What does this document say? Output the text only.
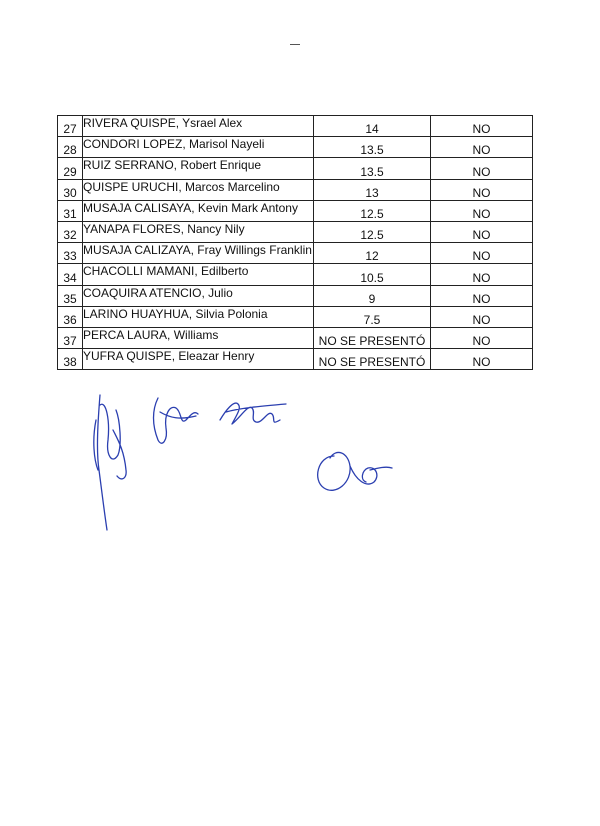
27	RIVERA QUISPE, Ysrael Alex	14	NO
28	CONDORI LOPEZ, Marisol Nayeli	13.5	NO
29	RUIZ SERRANO, Robert Enrique	13.5	NO
30	QUISPE URUCHI, Marcos Marcelino	13	NO
31	MUSAJA CALISAYA, Kevin Mark Antony	12.5	NO
32	YANAPA FLORES, Nancy Nily	12.5	NO
33	MUSAJA CALIZAYA, Fray Willings Franklin	12	NO
34	CHACOLLI MAMANI, Edilberto	10.5	NO
35	COAQUIRA ATENCIO, Julio	9	NO
36	LARINO HUAYHUA, Silvia Polonia	7.5	NO
37	PERCA LAURA, Williams	NO SE PRESENTÓ	NO
38	YUFRA QUISPE, Eleazar Henry	NO SE PRESENTÓ	NO
